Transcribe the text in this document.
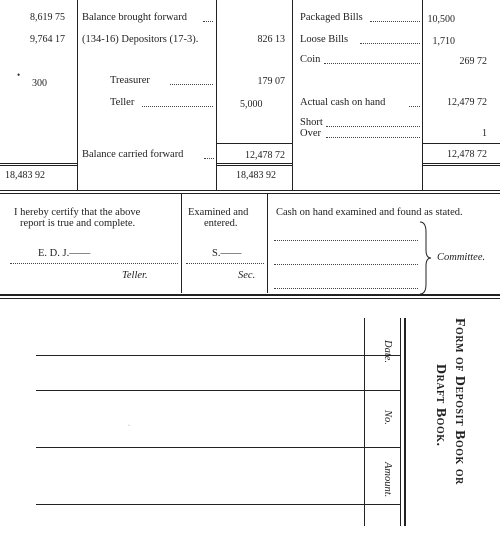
8,619 75
9,764 17
•
300
Balance brought forward
(134-16) Depositors (17-3).
Treasurer
Teller
Balance carried forward
826 13
179 07
5,000
12,478 72
Packaged Bills
Loose Bills
Coin
Actual cash on hand
Short
Over
10,500
1,710
269 72
12,479 72
1
18,483 92	18,483 92
12,478 72
I hereby certify that the above
report is true and complete.
E. D. J.——
Teller.
Examined and
entered.
S.——
Sec.
Cash on hand examined and found as stated.
Committee.
Date.
No.
Amount.	Form of Deposit Book or
Draft Book.
·
